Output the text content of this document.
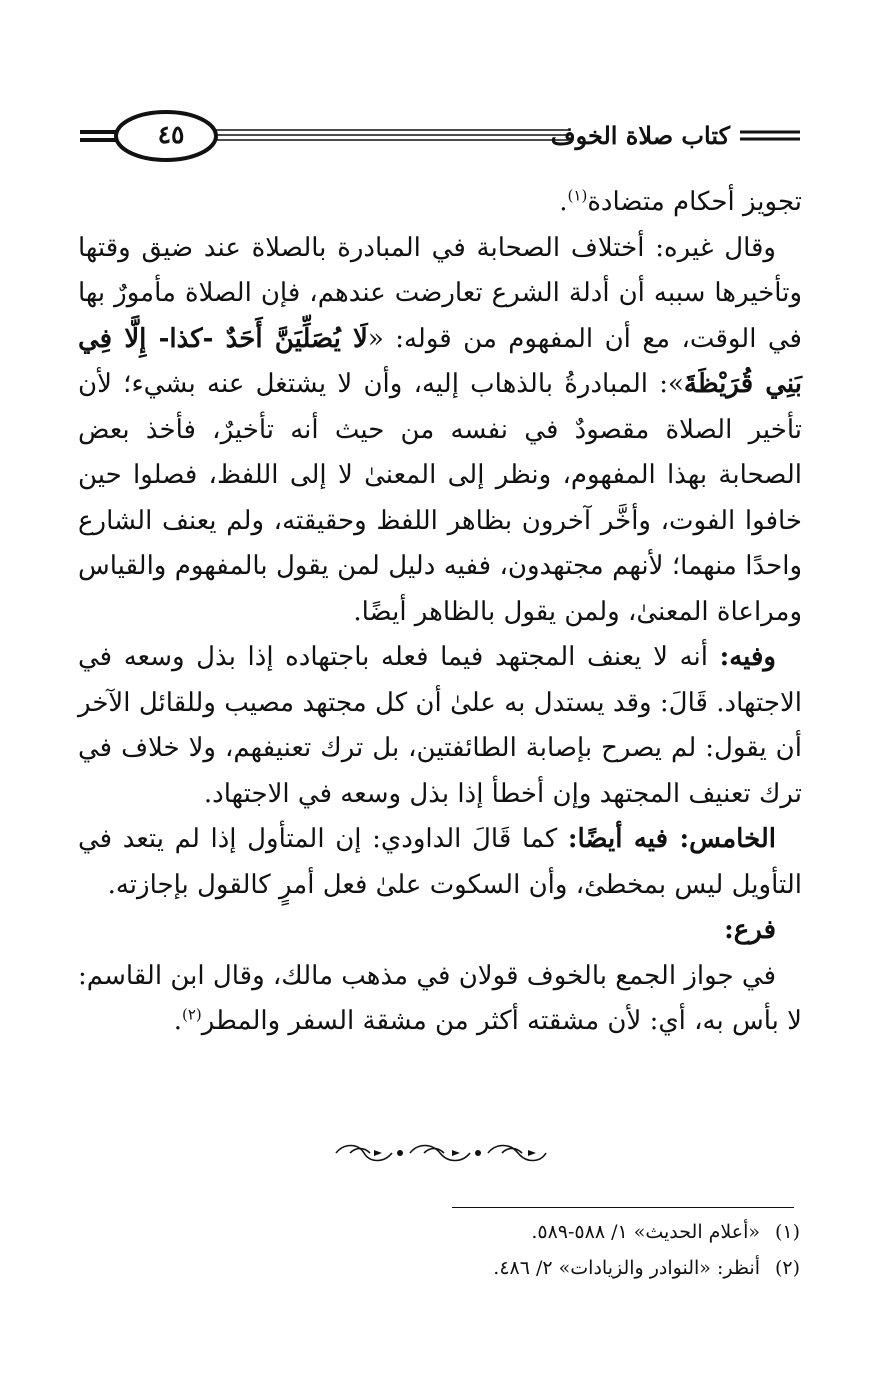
٤٥	كتاب صلاة الخوف

تجويز أحكام متضادة$^{(١)}$.

وقال غيره: أختلاف الصحابة في المبادرة بالصلاة عند ضيق وقتها وتأخيرها سببه أن أدلة الشرع تعارضت عندهم، فإن الصلاة مأمورٌ بها في الوقت، مع أن المفهوم من قوله: «لَا يُصَلِّيَنَّ أَحَدٌ -كذا- إِلَّا فِي بَنِي قُرَيْظَةَ»: المبادرةُ بالذهاب إليه، وأن لا يشتغل عنه بشيء؛ لأن تأخير الصلاة مقصودٌ في نفسه من حيث أنه تأخيرٌ، فأخذ بعض الصحابة بهذا المفهوم، ونظر إلى المعنىٰ لا إلى اللفظ، فصلوا حين خافوا الفوت، وأخَّر آخرون بظاهر اللفظ وحقيقته، ولم يعنف الشارع واحدًا منهما؛ لأنهم مجتهدون، ففيه دليل لمن يقول بالمفهوم والقياس ومراعاة المعنىٰ، ولمن يقول بالظاهر أيضًا.

وفيه: أنه لا يعنف المجتهد فيما فعله باجتهاده إذا بذل وسعه في الاجتهاد. قَالَ: وقد يستدل به علىٰ أن كل مجتهد مصيب وللقائل الآخر أن يقول: لم يصرح بإصابة الطائفتين، بل ترك تعنيفهم، ولا خلاف في ترك تعنيف المجتهد وإن أخطأ إذا بذل وسعه في الاجتهاد.

الخامس: فيه أيضًا: كما قَالَ الداودي: إن المتأول إذا لم يتعد في التأويل ليس بمخطئ، وأن السكوت علىٰ فعل أمرٍ كالقول بإجازته.

فرع:

في جواز الجمع بالخوف قولان في مذهب مالك، وقال ابن القاسم: لا بأس به، أي: لأن مشقته أكثر من مشقة السفر والمطر$^{(٢)}$.

(١)«أعلام الحديث» ١/ ٥٨٨-٥٨٩.
(٢)أنظر: «النوادر والزيادات» ٢/ ٤٨٦.
